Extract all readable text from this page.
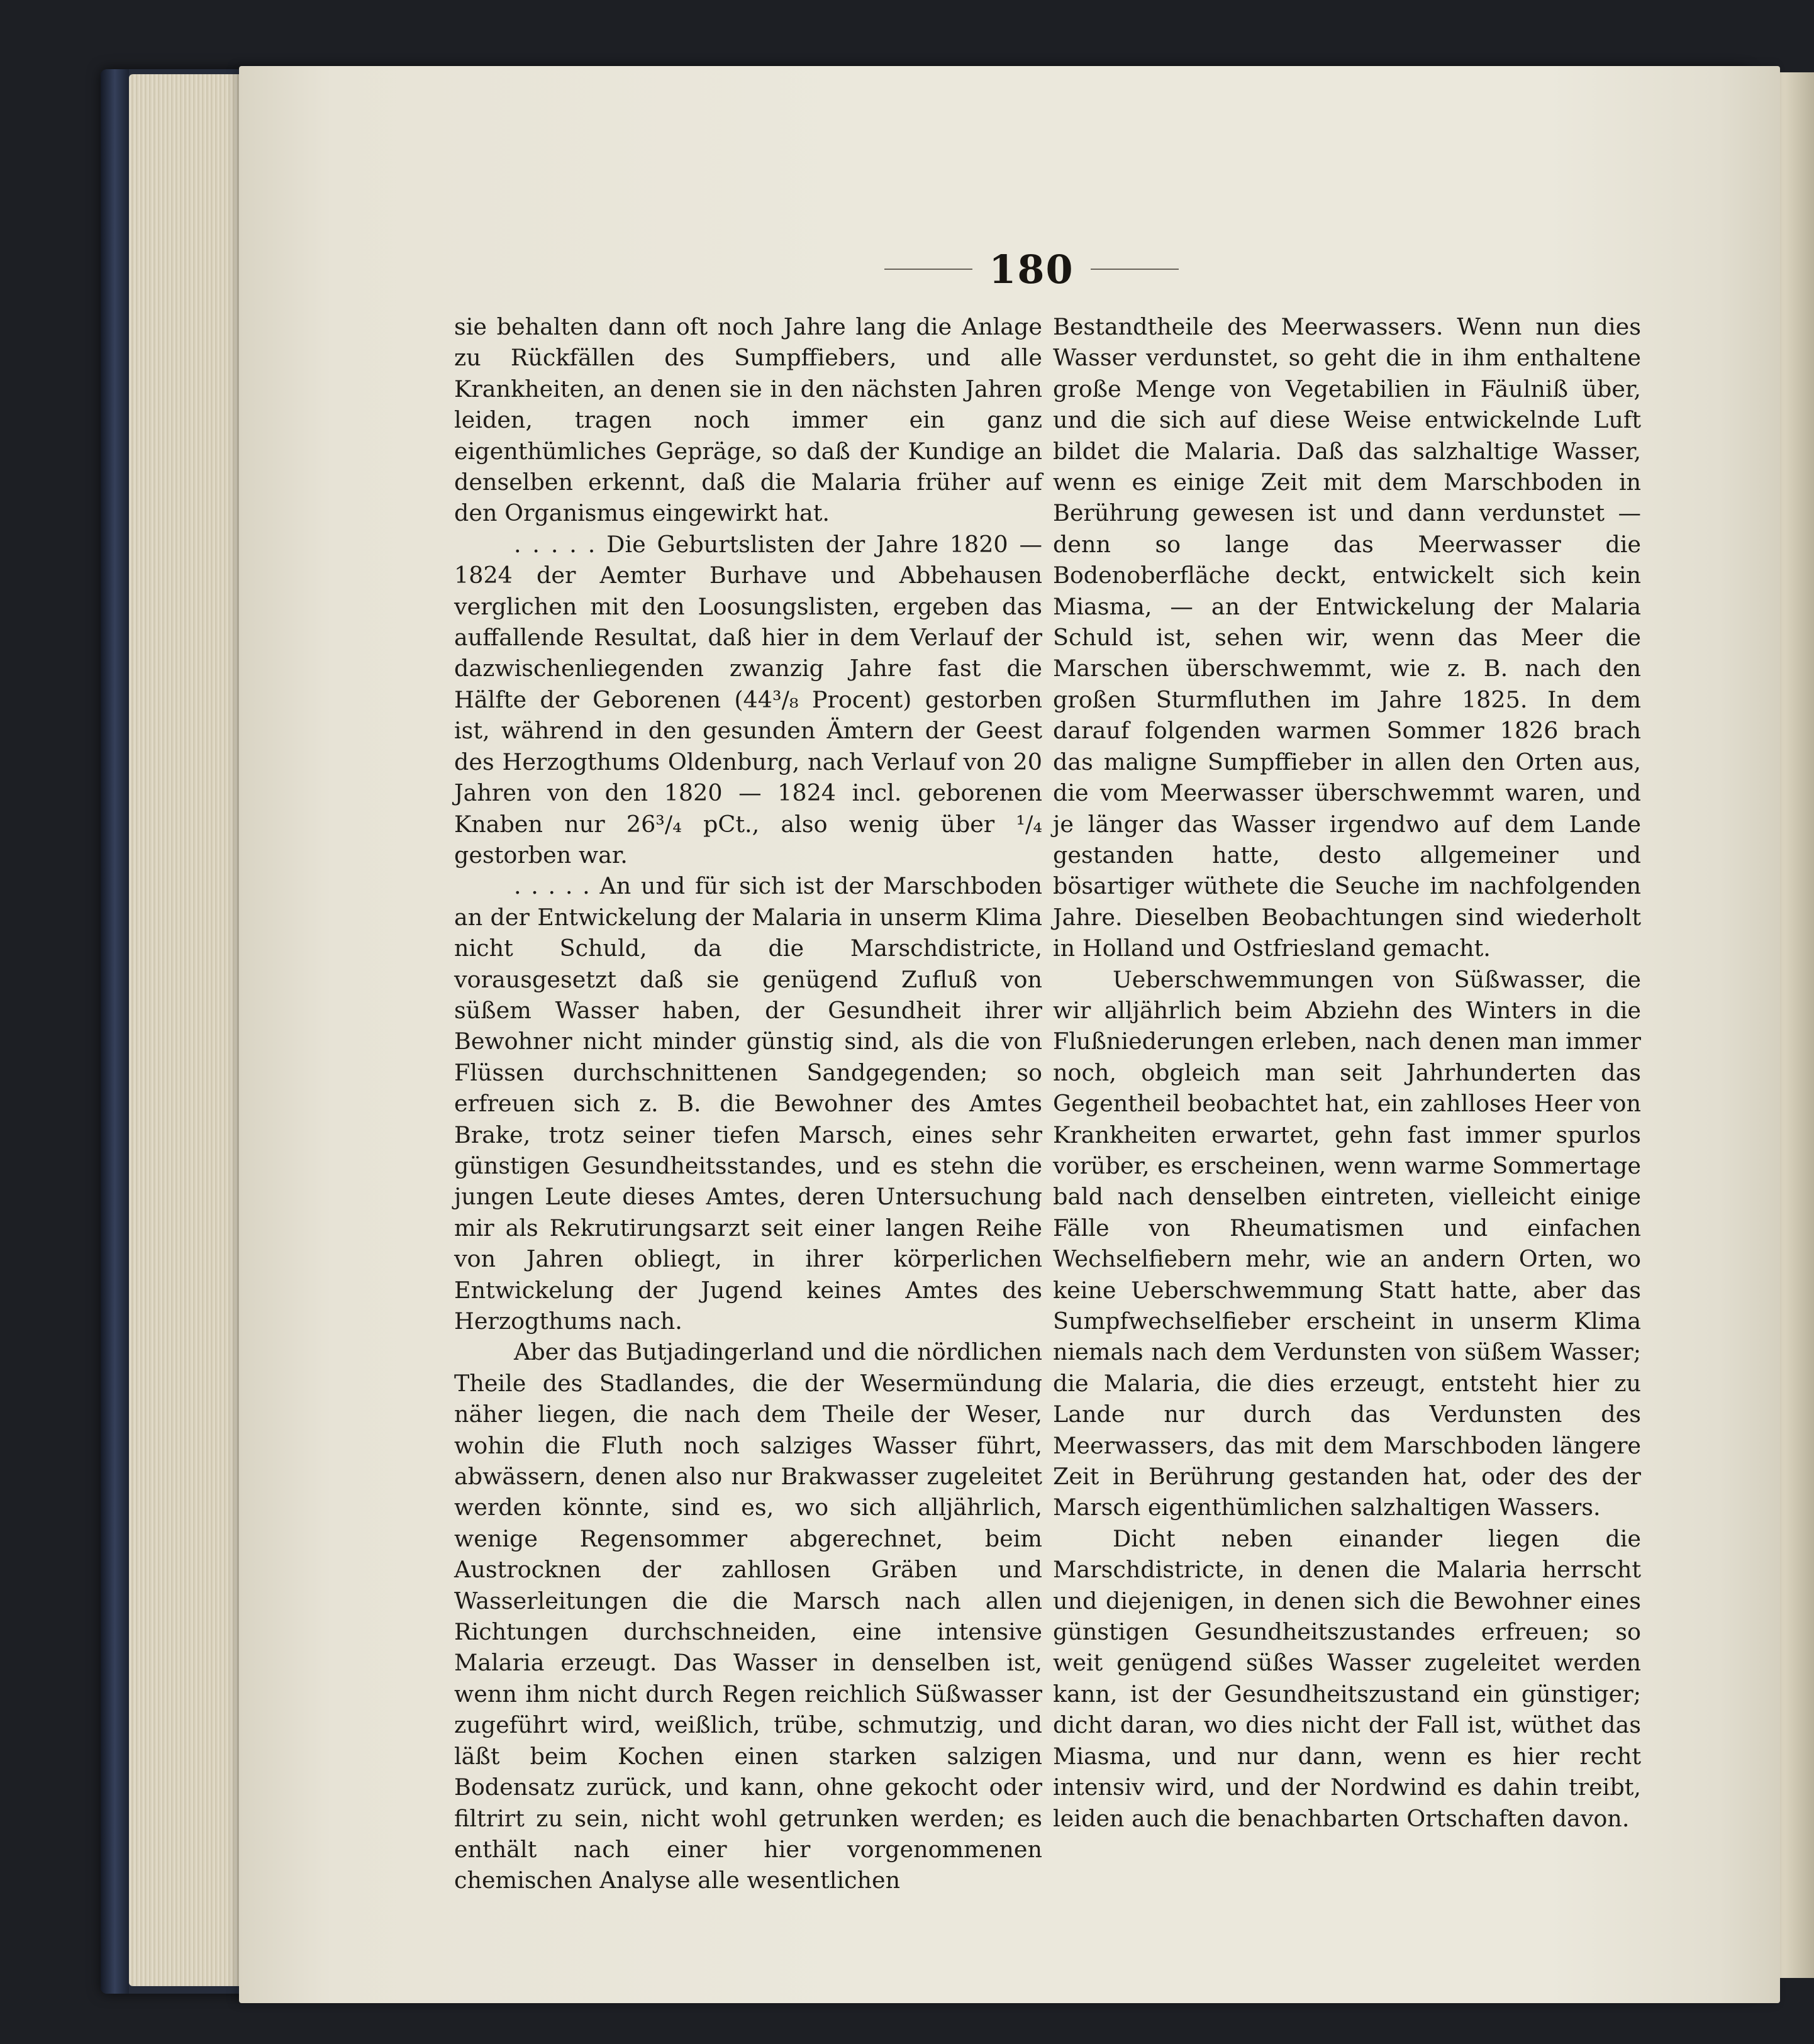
180

sie behalten dann oft noch Jahre lang die Anlage zu Rückfällen des Sumpffiebers, und alle Krankheiten, an denen sie in den nächsten Jahren leiden, tragen noch immer ein ganz eigenthümliches Gepräge, so daß der Kundige an denselben erkennt, daß die Malaria früher auf den Organismus eingewirkt hat.

. . . . . Die Geburtslisten der Jahre 1820 — 1824 der Aemter Burhave und Abbehausen verglichen mit den Loosungslisten, ergeben das auffallende Resultat, daß hier in dem Verlauf der dazwischenliegenden zwanzig Jahre fast die Hälfte der Geborenen (44³/₈ Procent) gestorben ist, während in den gesunden Ämtern der Geest des Herzogthums Oldenburg, nach Verlauf von 20 Jahren von den 1820 — 1824 incl. geborenen Knaben nur 26³/₄ pCt., also wenig über ¹/₄ gestorben war.

. . . . . An und für sich ist der Marschboden an der Entwickelung der Malaria in unserm Klima nicht Schuld, da die Marschdistricte, vorausgesetzt daß sie genügend Zufluß von süßem Wasser haben, der Gesundheit ihrer Bewohner nicht minder günstig sind, als die von Flüssen durchschnittenen Sandgegenden; so erfreuen sich z. B. die Bewohner des Amtes Brake, trotz seiner tiefen Marsch, eines sehr günstigen Gesundheitsstandes, und es stehn die jungen Leute dieses Amtes, deren Untersuchung mir als Rekrutirungsarzt seit einer langen Reihe von Jahren obliegt, in ihrer körperlichen Entwickelung der Jugend keines Amtes des Herzogthums nach.

Aber das Butjadingerland und die nördlichen Theile des Stadlandes, die der Wesermündung näher liegen, die nach dem Theile der Weser, wohin die Fluth noch salziges Wasser führt, abwässern, denen also nur Brakwasser zugeleitet werden könnte, sind es, wo sich alljährlich, wenige Regensommer abgerechnet, beim Austrocknen der zahllosen Gräben und Wasserleitungen die die Marsch nach allen Richtungen durchschneiden, eine intensive Malaria erzeugt. Das Wasser in denselben ist, wenn ihm nicht durch Regen reichlich Süßwasser zugeführt wird, weißlich, trübe, schmutzig, und läßt beim Kochen einen starken salzigen Bodensatz zurück, und kann, ohne gekocht oder filtrirt zu sein, nicht wohl getrunken werden; es enthält nach einer hier vorgenommenen chemischen Analyse alle wesentlichen

Bestandtheile des Meerwassers. Wenn nun dies Wasser verdunstet, so geht die in ihm enthaltene große Menge von Vegetabilien in Fäulniß über, und die sich auf diese Weise entwickelnde Luft bildet die Malaria. Daß das salzhaltige Wasser, wenn es einige Zeit mit dem Marschboden in Berührung gewesen ist und dann verdunstet — denn so lange das Meerwasser die Bodenoberfläche deckt, entwickelt sich kein Miasma, — an der Entwickelung der Malaria Schuld ist, sehen wir, wenn das Meer die Marschen überschwemmt, wie z. B. nach den großen Sturmfluthen im Jahre 1825. In dem darauf folgenden warmen Sommer 1826 brach das maligne Sumpffieber in allen den Orten aus, die vom Meerwasser überschwemmt waren, und je länger das Wasser irgendwo auf dem Lande gestanden hatte, desto allgemeiner und bösartiger wüthete die Seuche im nachfolgenden Jahre. Dieselben Beobachtungen sind wiederholt in Holland und Ostfriesland gemacht.

Ueberschwemmungen von Süßwasser, die wir alljährlich beim Abziehn des Winters in die Flußniederungen erleben, nach denen man immer noch, obgleich man seit Jahrhunderten das Gegentheil beobachtet hat, ein zahlloses Heer von Krankheiten erwartet, gehn fast immer spurlos vorüber, es erscheinen, wenn warme Sommertage bald nach denselben eintreten, vielleicht einige Fälle von Rheumatismen und einfachen Wechselfiebern mehr, wie an andern Orten, wo keine Ueberschwemmung Statt hatte, aber das Sumpfwechselfieber erscheint in unserm Klima niemals nach dem Verdunsten von süßem Wasser; die Malaria, die dies erzeugt, entsteht hier zu Lande nur durch das Verdunsten des Meerwassers, das mit dem Marschboden längere Zeit in Berührung gestanden hat, oder des der Marsch eigenthümlichen salzhaltigen Wassers.

Dicht neben einander liegen die Marschdistricte, in denen die Malaria herrscht und diejenigen, in denen sich die Bewohner eines günstigen Gesundheitszustandes erfreuen; so weit genügend süßes Wasser zugeleitet werden kann, ist der Gesundheitszustand ein günstiger; dicht daran, wo dies nicht der Fall ist, wüthet das Miasma, und nur dann, wenn es hier recht intensiv wird, und der Nordwind es dahin treibt, leiden auch die benachbarten Ortschaften davon.
